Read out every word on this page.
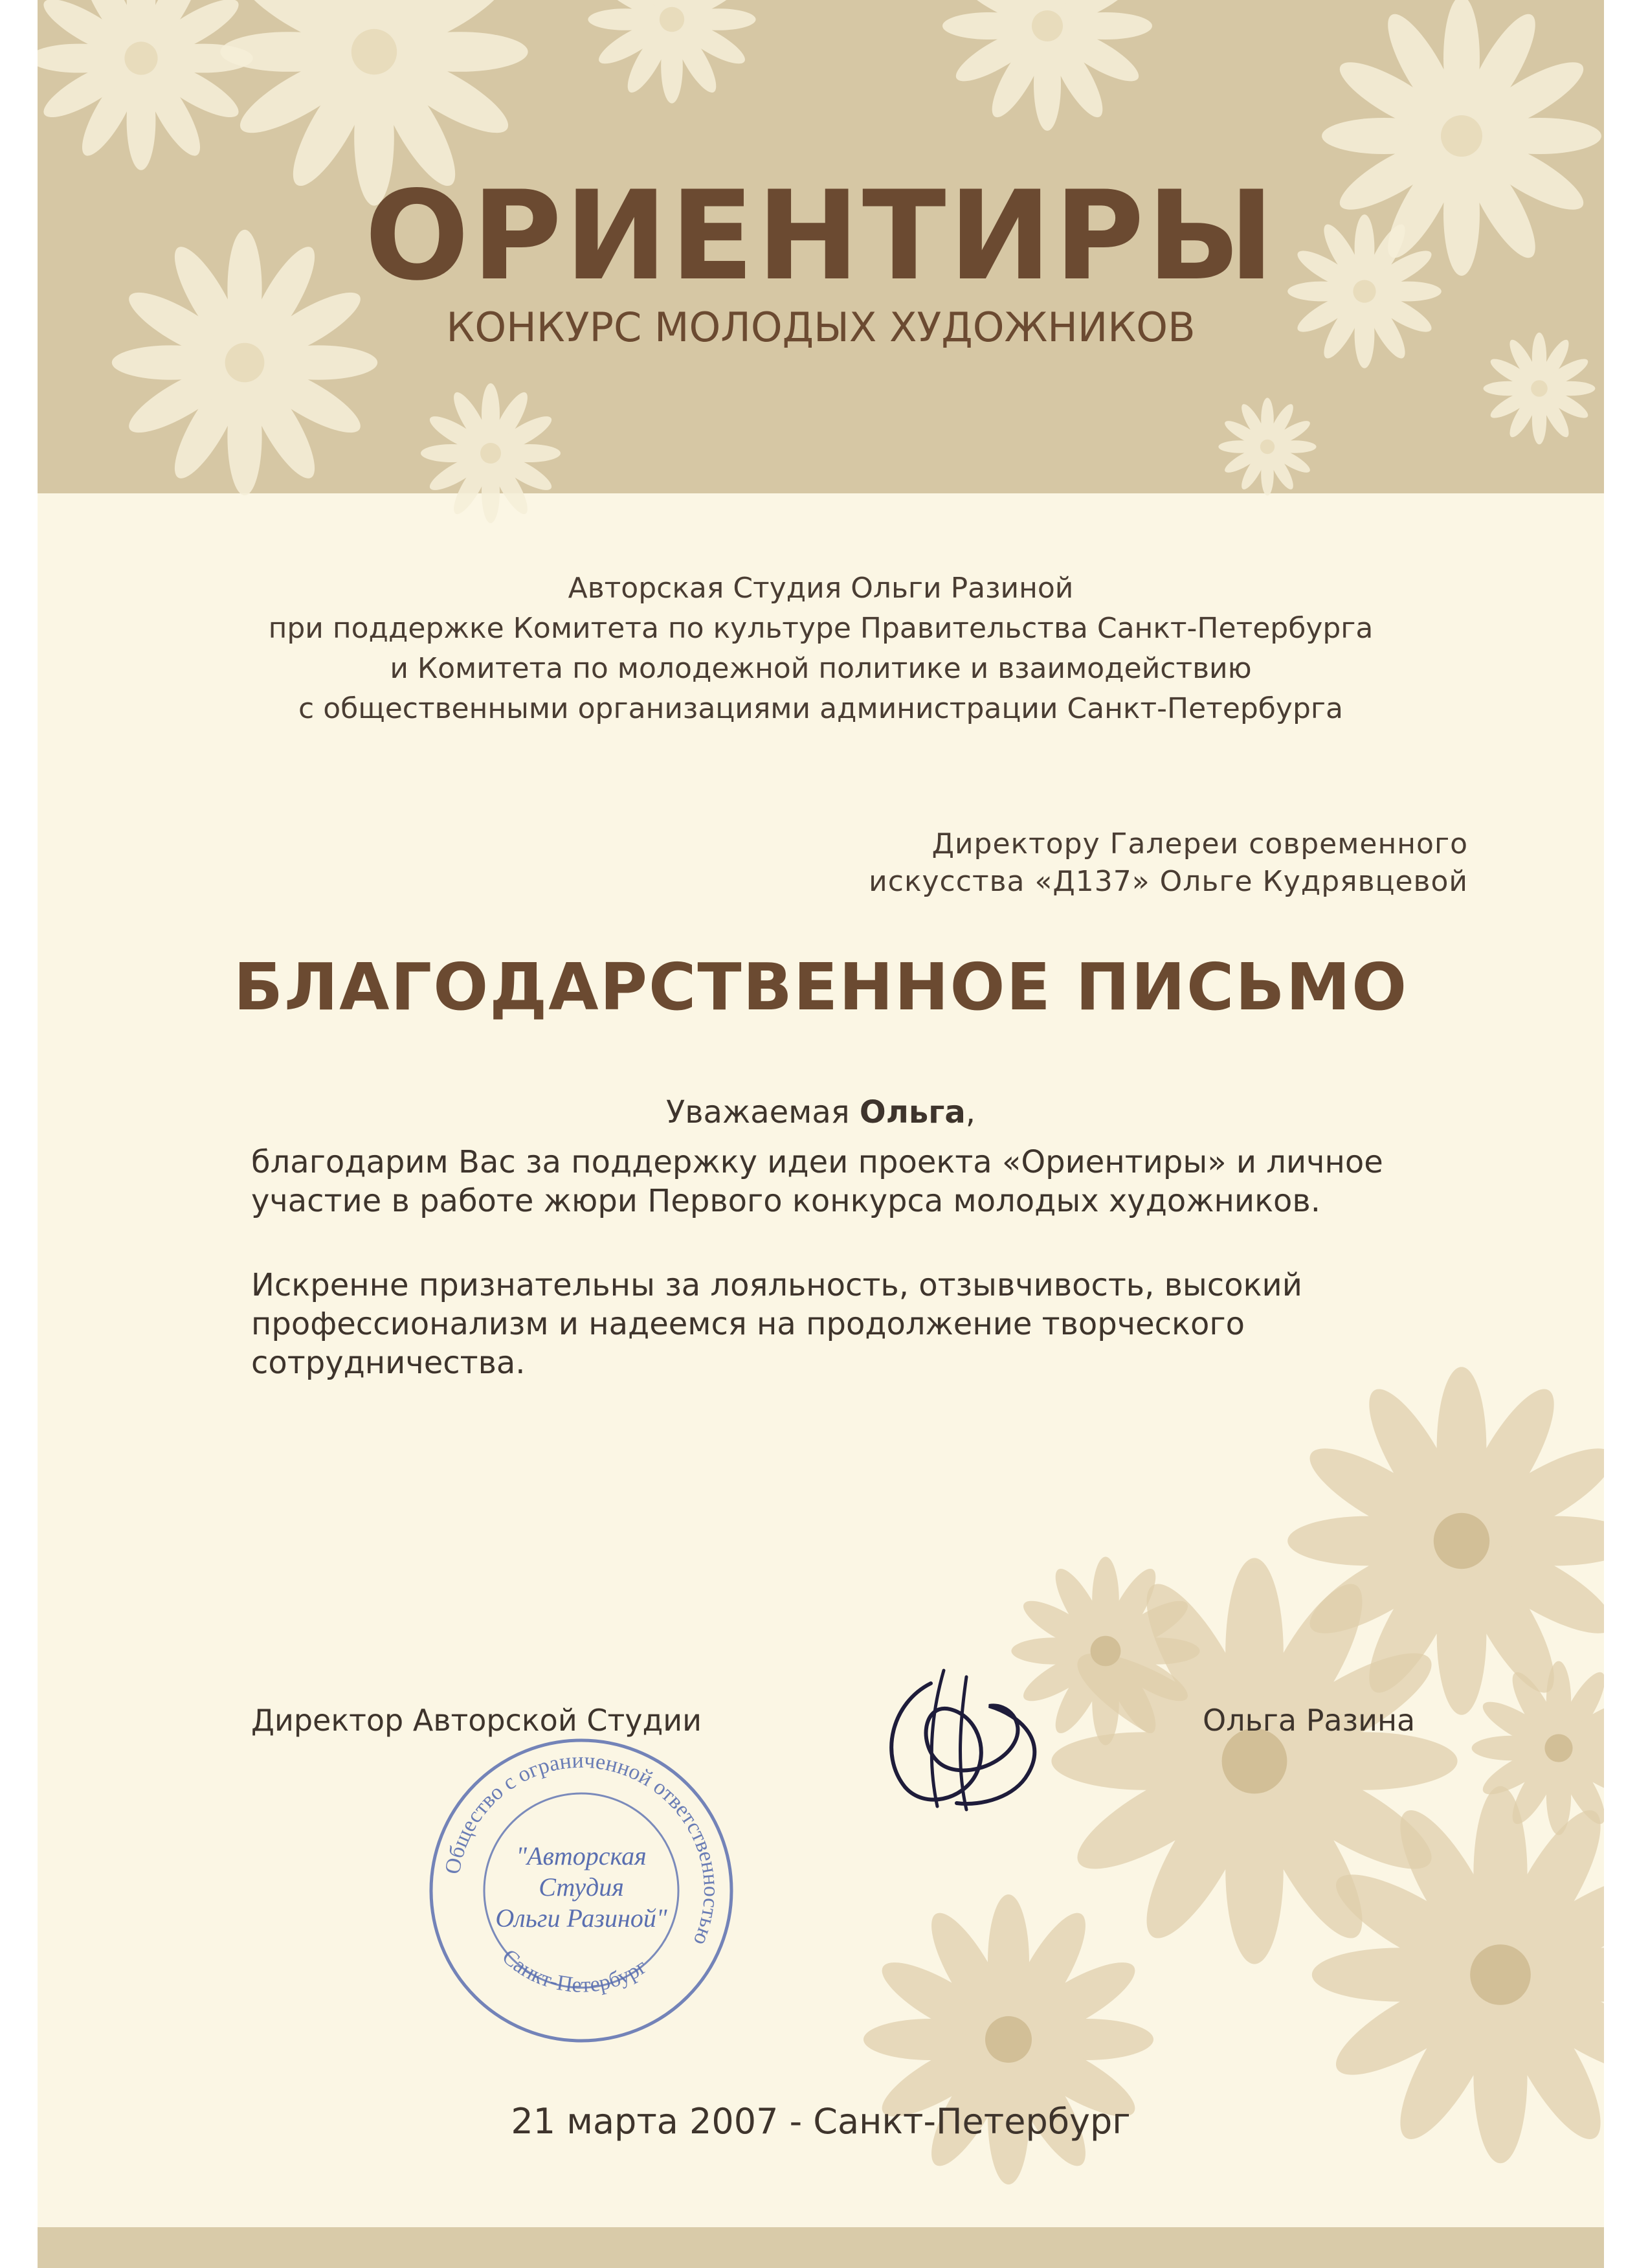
ОРИЕНТИРЫ
КОНКУРС МОЛОДЫХ ХУДОЖНИКОВ
Авторская Студия Ольги Разиной
при поддержке Комитета по культуре Правительства Санкт-Петербурга
и Комитета по молодежной политике и взаимодействию
с общественными организациями администрации Санкт-Петербурга
Директору Галереи современного
искусства «Д137» Ольге Кудрявцевой
БЛАГОДАРСТВЕННОЕ ПИСЬМО
Уважаемая Ольга,
благодарим Вас за поддержку идеи проекта «Ориентиры» и личное
участие в работе жюри Первого конкурса молодых художников.
Искренне признательны за лояльность, отзывчивость, высокий
профессионализм и надеемся на продолжение творческого
сотрудничества.
Директор Авторской Студии	Ольга Разина
Общество с ограниченной ответственностью
Санкт-Петербург
"Авторская
Студия
Ольги Разиной"
21 марта 2007 - Санкт-Петербург
